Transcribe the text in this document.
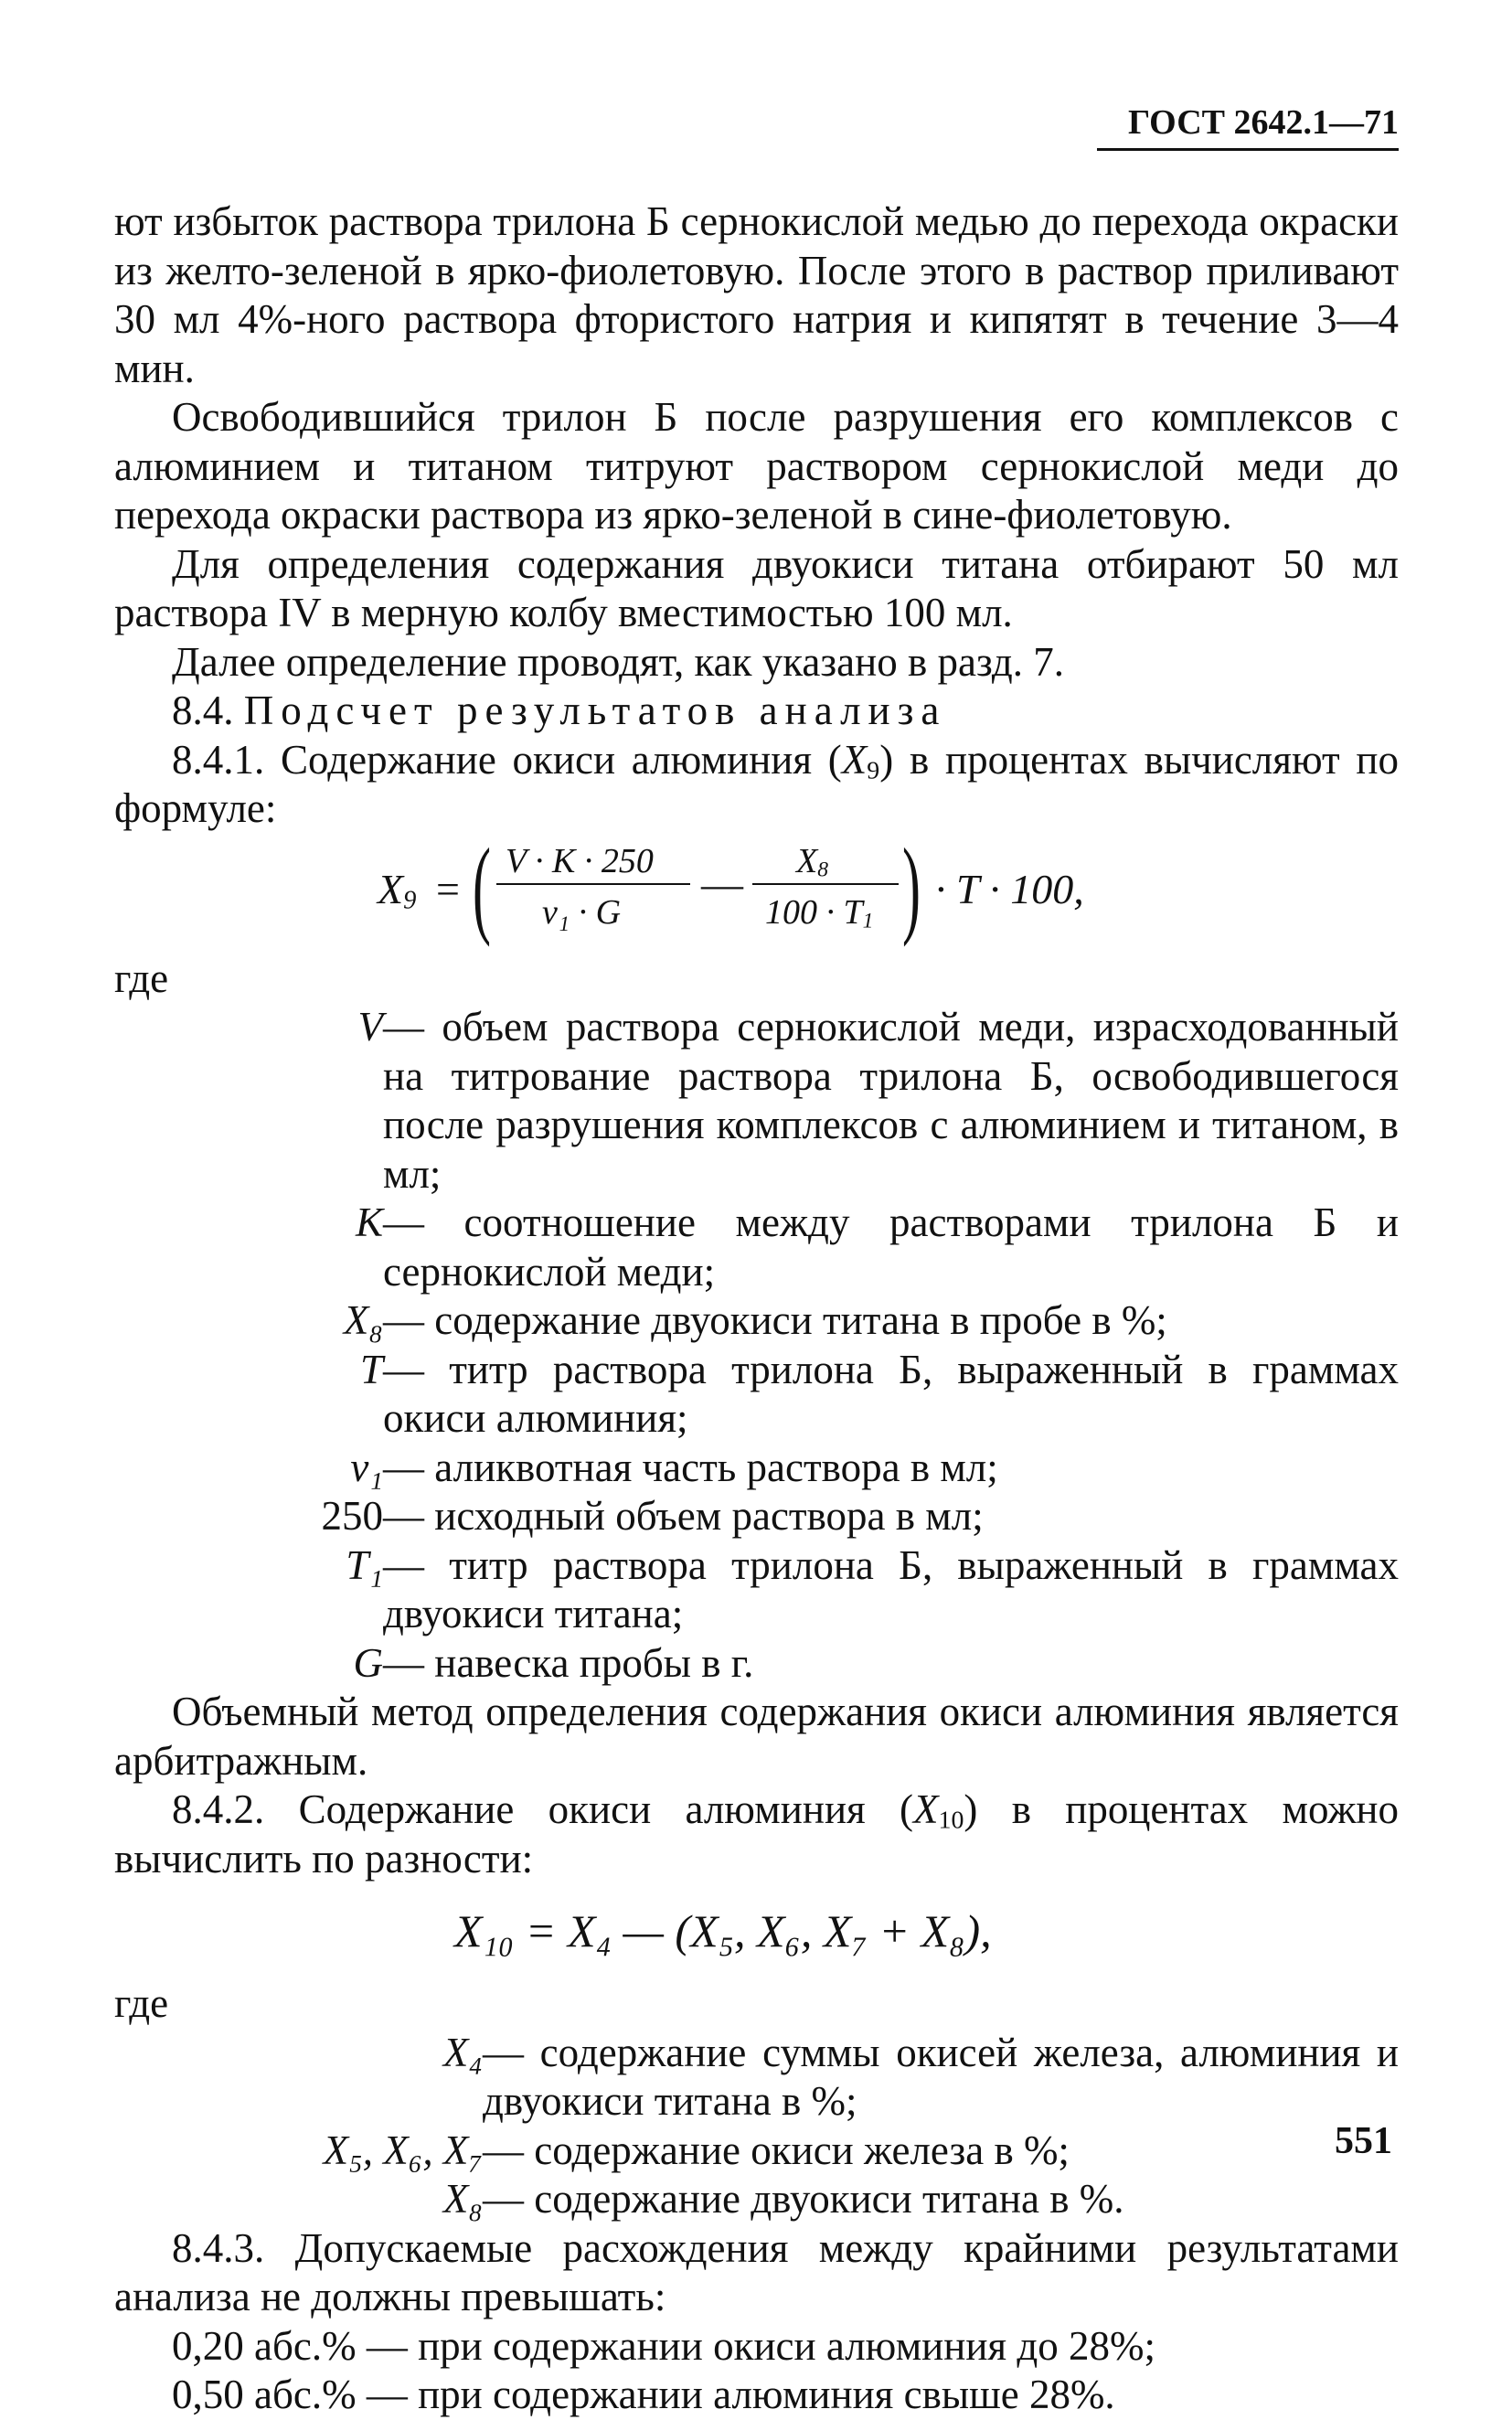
ГОСТ 2642.1—71

ют избыток раствора трилона Б сернокислой медью до перехода окраски из желто-зеленой в ярко-фиолетовую. После этого в раствор приливают 30 мл 4%-ного раствора фтористого натрия и кипятят в течение 3—4 мин.

Освободившийся трилон Б после разрушения его комплексов с алюминием и титаном титруют раствором сернокислой меди до перехода окраски раствора из ярко-зеленой в сине-фиолетовую.

Для определения содержания двуокиси титана отбирают 50 мл раствора IV в мерную колбу вместимостью 100 мл.

Далее определение проводят, как указано в разд. 7.

8.4. Подсчет результатов анализа

8.4.1. Содержание окиси алюминия $(X_9)$ в процентах вычисляют по формуле:

$X_9$ = ( V · K · 250
v₁ · G
— $X_8$
$100 \cdot T_1$ ) · T · 100,

где

V — объем раствора сернокислой меди, израсходованный на титрование раствора трилона Б, освободившегося после разрушения комплексов с алюминием и титаном, в мл;
K — соотношение между растворами трилона Б и сернокислой меди;
X₈ — содержание двуокиси титана в пробе в %;
T — титр раствора трилона Б, выраженный в граммах окиси алюминия;
v₁ — аликвотная часть раствора в мл;
250 — исходный объем раствора в мл;
T₁ — титр раствора трилона Б, выраженный в граммах двуокиси титана;
G — навеска пробы в г.

Объемный метод определения содержания окиси алюминия является арбитражным.

8.4.2. Содержание окиси алюминия $(X_{10})$ в процентах можно вычислить по разности:

X₁₀ = X₄ — (X₅, X₆, X₇ + X₈),

где

X₄ — содержание суммы окисей железа, алюминия и двуокиси титана в %;
X₅, X₆, X₇ — содержание окиси железа в %;
X₈ — содержание двуокиси титана в %.

8.4.3. Допускаемые расхождения между крайними результатами анализа не должны превышать:

0,20 абс.% — при содержании окиси алюминия до 28%;

0,50 абс.% — при содержании алюминия свыше 28%.

551
